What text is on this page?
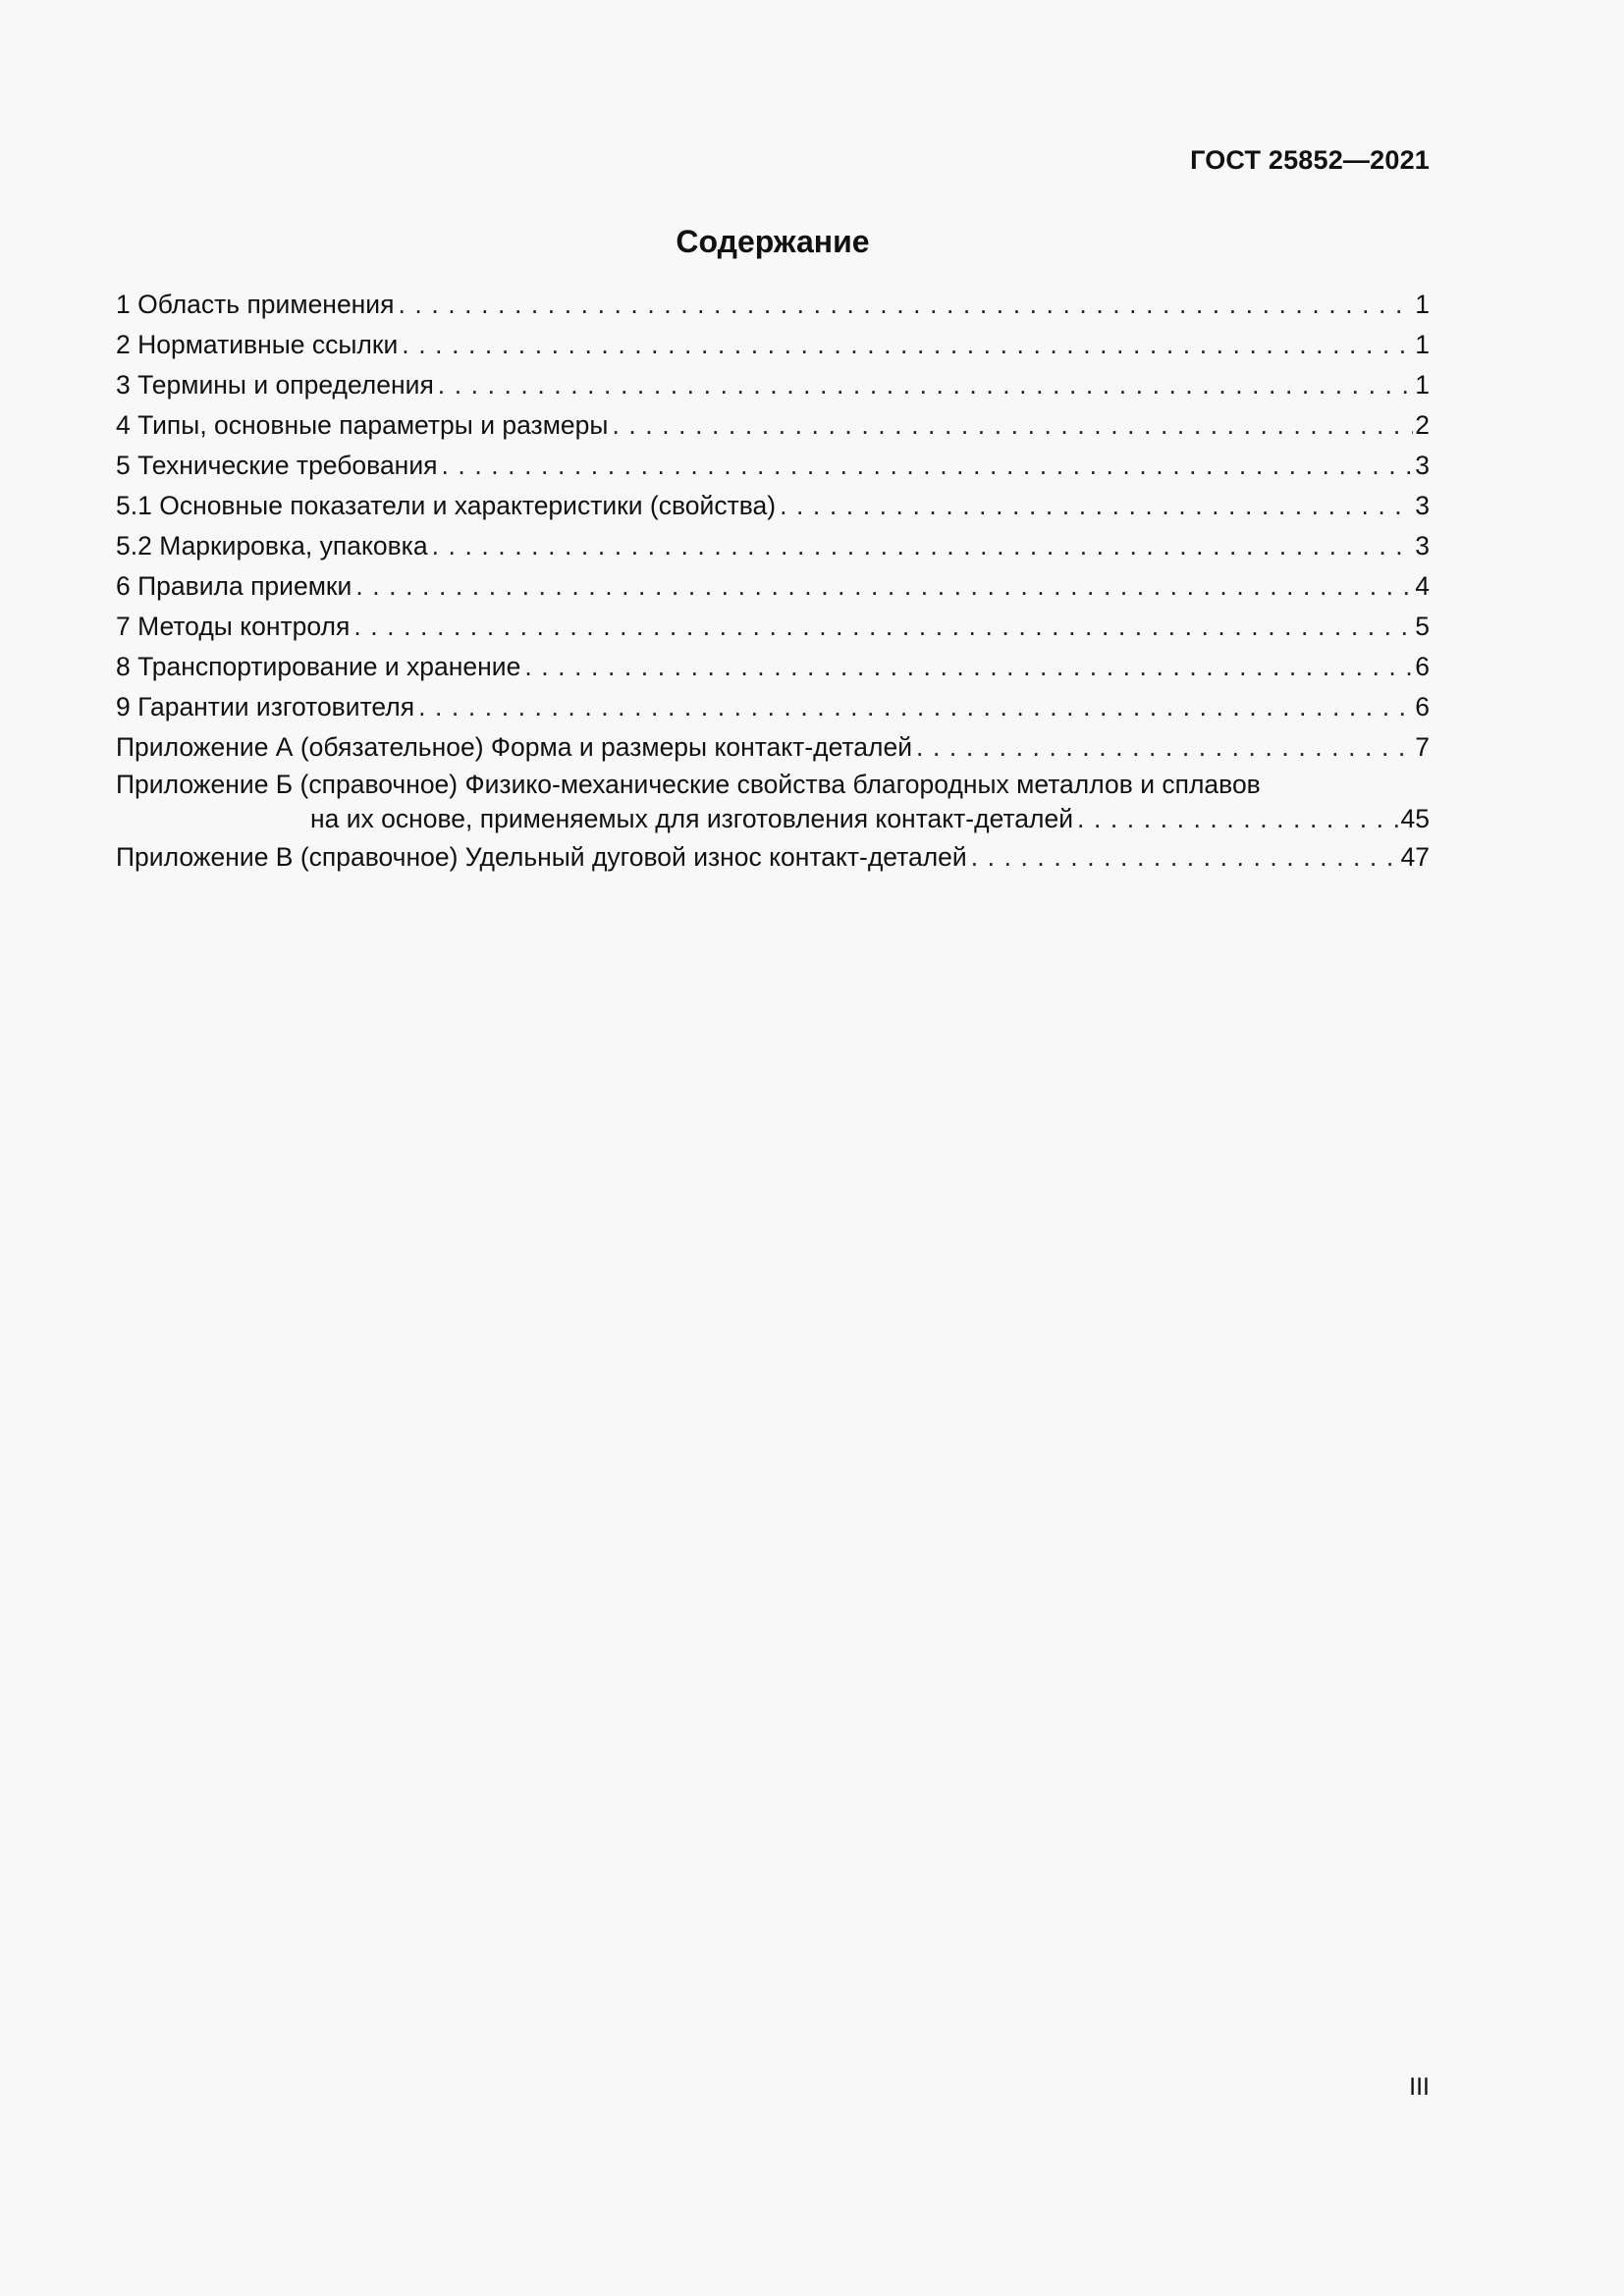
ГОСТ 25852—2021
Содержание
1 Область применения . . .	1
2 Нормативные ссылки . . .	1
3 Термины и определения . . .	1
4 Типы, основные параметры и размеры . . .	2
5 Технические требования . . .	3
5.1 Основные показатели и характеристики (свойства) . . .	3
5.2 Маркировка, упаковка . . .	3
6 Правила приемки . . .	4
7 Методы контроля . . .	5
8 Транспортирование и хранение . . .	6
9 Гарантии изготовителя . . .	6
Приложение А (обязательное) Форма и размеры контакт-деталей . . .	7
Приложение Б (справочное) Физико-механические свойства благородных металлов и сплавов
на их основе, применяемых для изготовления контакт-деталей . . .	45
Приложение В (справочное) Удельный дуговой износ контакт-деталей . . .	47
III
